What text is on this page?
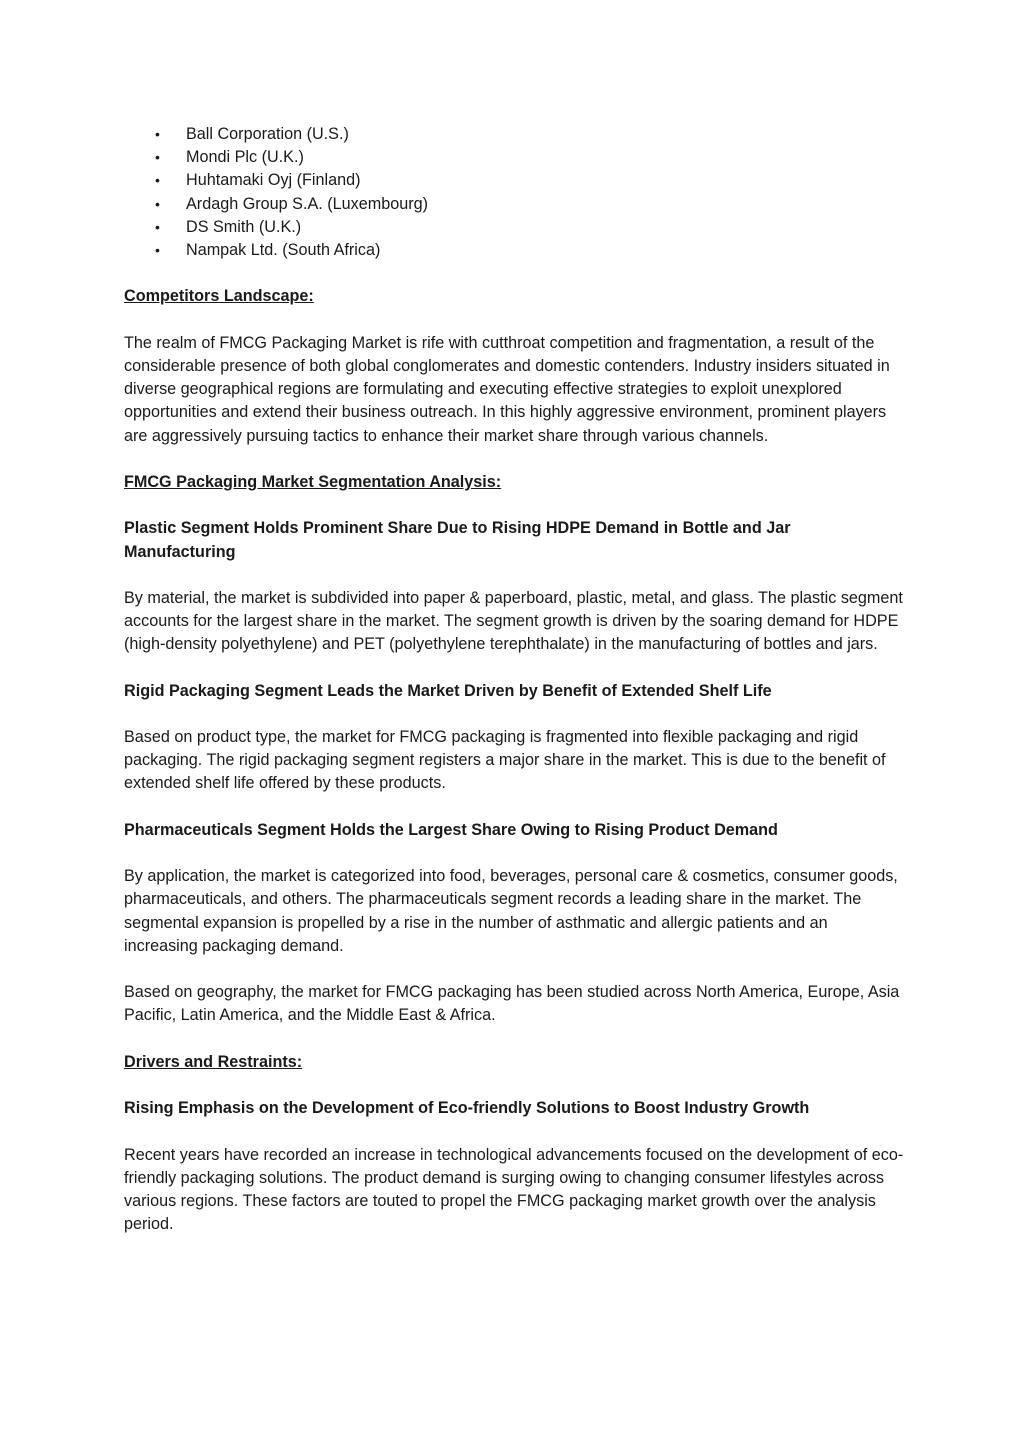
• Ball Corporation (U.S.)
• Mondi Plc (U.K.)
• Huhtamaki Oyj (Finland)
• Ardagh Group S.A. (Luxembourg)
• DS Smith (U.K.)
• Nampak Ltd. (South Africa)
Competitors Landscape:

The realm of FMCG Packaging Market is rife with cutthroat competition and fragmentation, a result of the considerable presence of both global conglomerates and domestic contenders. Industry insiders situated in diverse geographical regions are formulating and executing effective strategies to exploit unexplored opportunities and extend their business outreach. In this highly aggressive environment, prominent players are aggressively pursuing tactics to enhance their market share through various channels.

FMCG Packaging Market Segmentation Analysis:
Plastic Segment Holds Prominent Share Due to Rising HDPE Demand in Bottle and Jar Manufacturing

By material, the market is subdivided into paper & paperboard, plastic, metal, and glass. The plastic segment accounts for the largest share in the market. The segment growth is driven by the soaring demand for HDPE (high-density polyethylene) and PET (polyethylene terephthalate) in the manufacturing of bottles and jars.

Rigid Packaging Segment Leads the Market Driven by Benefit of Extended Shelf Life

Based on product type, the market for FMCG packaging is fragmented into flexible packaging and rigid packaging. The rigid packaging segment registers a major share in the market. This is due to the benefit of extended shelf life offered by these products.

Pharmaceuticals Segment Holds the Largest Share Owing to Rising Product Demand

By application, the market is categorized into food, beverages, personal care & cosmetics, consumer goods, pharmaceuticals, and others. The pharmaceuticals segment records a leading share in the market. The segmental expansion is propelled by a rise in the number of asthmatic and allergic patients and an increasing packaging demand.

Based on geography, the market for FMCG packaging has been studied across North America, Europe, Asia Pacific, Latin America, and the Middle East & Africa.

Drivers and Restraints:
Rising Emphasis on the Development of Eco-friendly Solutions to Boost Industry Growth

Recent years have recorded an increase in technological advancements focused on the development of eco-friendly packaging solutions. The product demand is surging owing to changing consumer lifestyles across various regions. These factors are touted to propel the FMCG packaging market growth over the analysis period.
